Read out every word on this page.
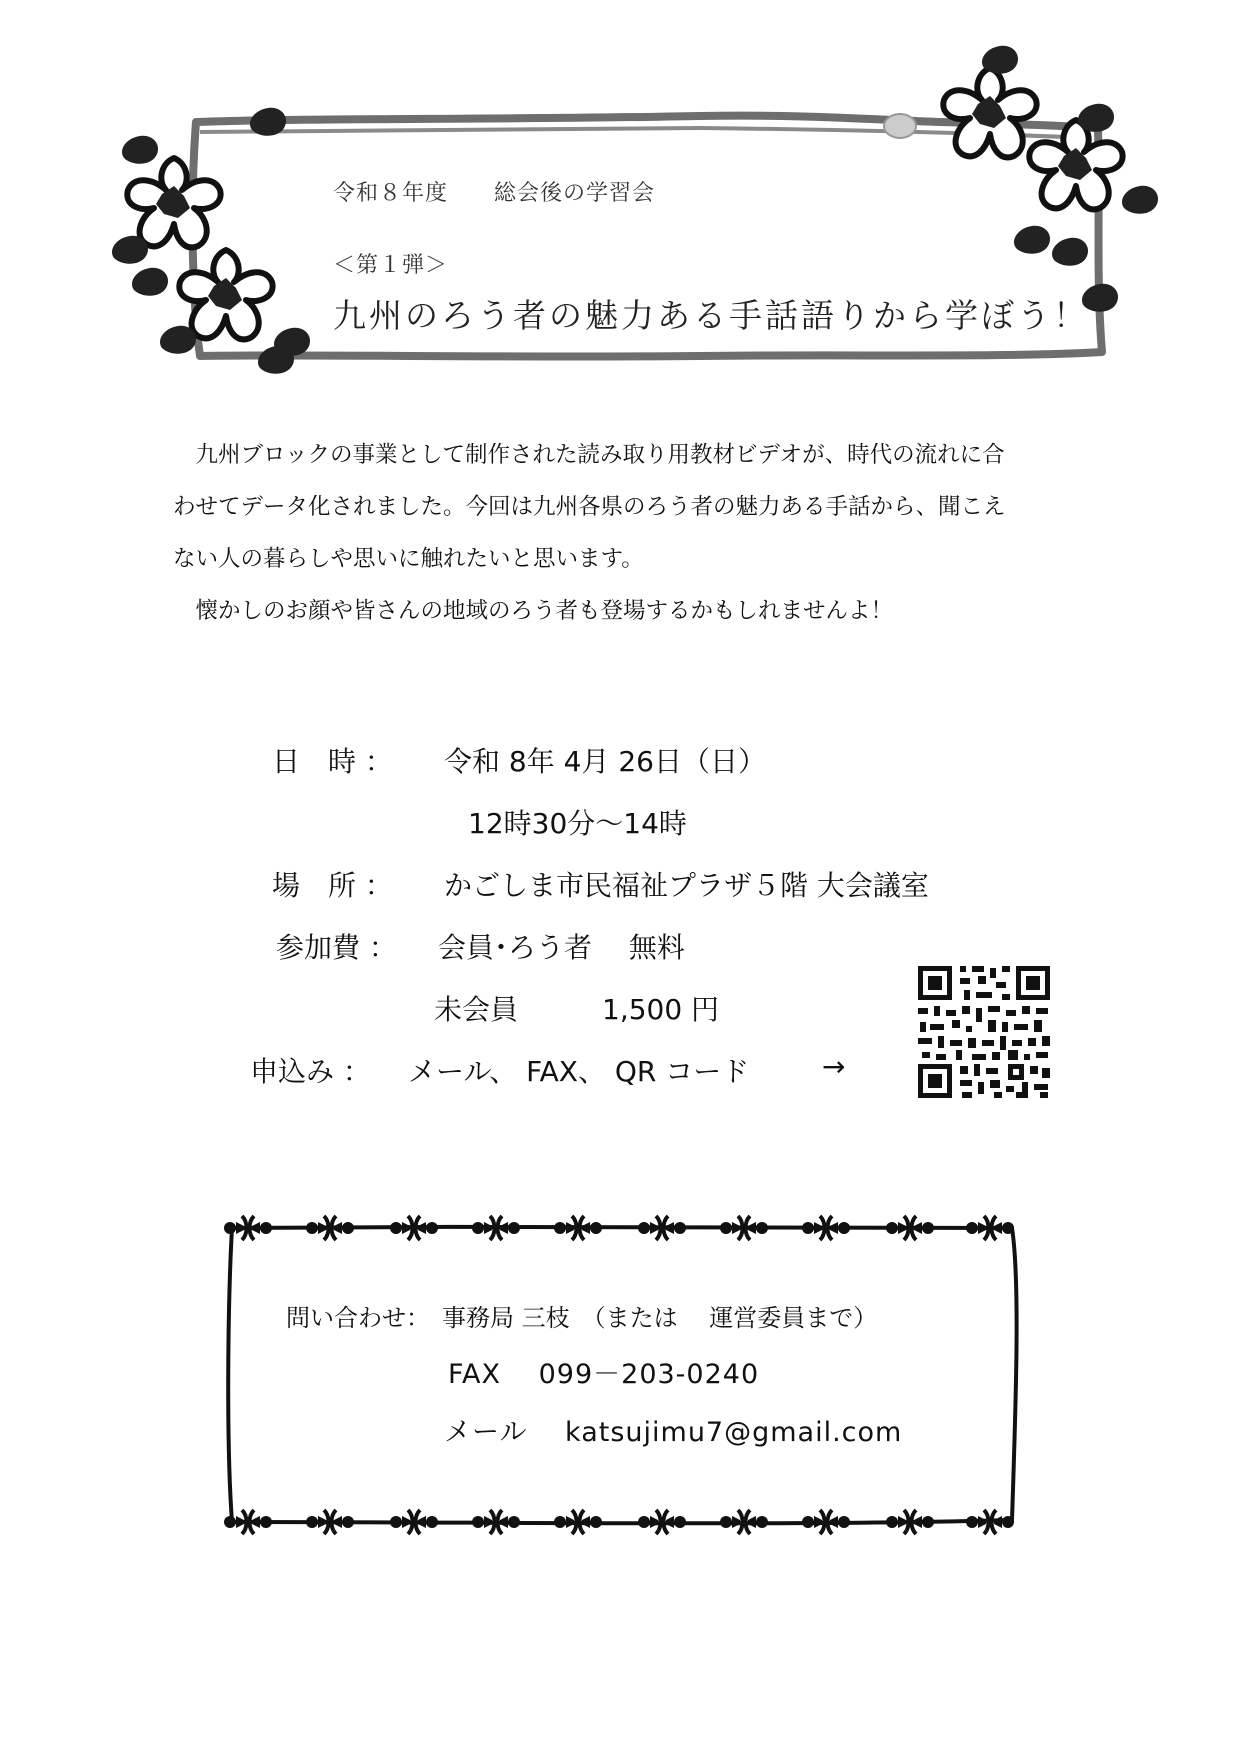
令和８年度　　総会後の学習会
＜第１弾＞
九州のろう者の魅力ある手話語りから学ぼう！
　九州ブロックの事業として制作された読み取り用教材ビデオが、時代の流れに合
わせてデータ化されました。今回は九州各県のろう者の魅力ある手話から、聞こえ
ない人の暮らしや思いに触れたいと思います。
　懐かしのお顔や皆さんの地域のろう者も登場するかもしれませんよ！
日　時 ： 令和 8年 4月 26日（日）
12時30分～14時
場　所 ： かごしま市民福祉プラザ５階 大会議室
参加費 ： 会員･ろう者　 無料
未会員　　　1,500 円
申込み ： メール、 FAX、 QR コード	→
問い合わせ：　事務局 三枝　（または　 運営委員まで）
FAX　 099－203-0240
メール　 katsujimu7@gmail.com
